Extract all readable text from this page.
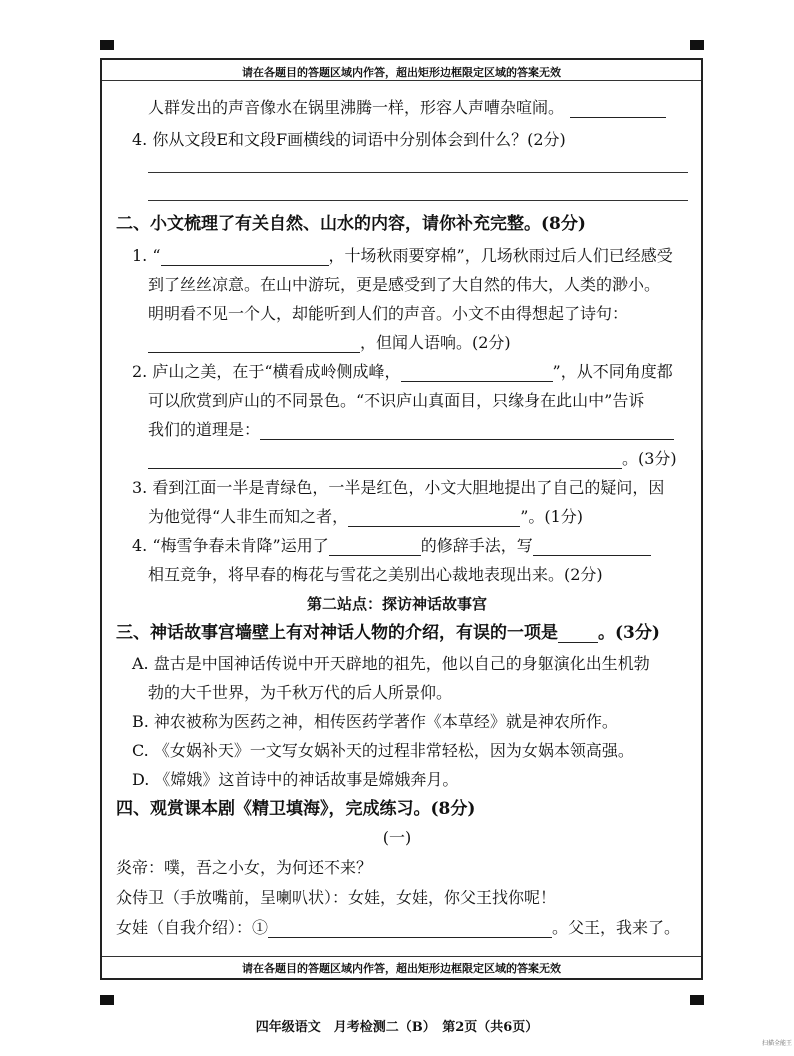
请在各题目的答题区域内作答，超出矩形边框限定区域的答案无效
请在各题目的答题区域内作答，超出矩形边框限定区域的答案无效
人群发出的声音像水在锅里沸腾一样，形容人声嘈杂喧闹。
4. 你从文段E和文段F画横线的词语中分别体会到什么？(2分)
二、小文梳理了有关自然、山水的内容，请你补充完整。(8分)
1. “	，十场秋雨要穿棉”，几场秋雨过后人们已经感受
到了丝丝凉意。在山中游玩，更是感受到了大自然的伟大，人类的渺小。
明明看不见一个人，却能听到人们的声音。小文不由得想起了诗句：
，但闻人语响。(2分)
2. 庐山之美，在于“横看成岭侧成峰，	”，从不同角度都
可以欣赏到庐山的不同景色。“不识庐山真面目，只缘身在此山中”告诉
我们的道理是：
。(3分)
3. 看到江面一半是青绿色，一半是红色，小文大胆地提出了自己的疑问，因
为他觉得“人非生而知之者，	”。(1分)
4. “梅雪争春未肯降”运用了	的修辞手法，写
相互竞争，将早春的梅花与雪花之美别出心裁地表现出来。(2分)
第二站点：探访神话故事宫
三、神话故事宫墙壁上有对神话人物的介绍，有误的一项是 。(3分)
A. 盘古是中国神话传说中开天辟地的祖先，他以自己的身躯演化出生机勃
勃的大千世界，为千秋万代的后人所景仰。
B. 神农被称为医药之神，相传医药学著作《本草经》就是神农所作。
C. 《女娲补天》一文写女娲补天的过程非常轻松，因为女娲本领高强。
D. 《嫦娥》这首诗中的神话故事是嫦娥奔月。
四、观赏课本剧《精卫填海》，完成练习。(8分)
(一)
炎帝：噗，吾之小女，为何还不来？
众侍卫（手放嘴前，呈喇叭状）：女娃，女娃，你父王找你呢！
女娃（自我介绍）：①	。父王，我来了。
四年级语文　月考检测二（B）　第2页（共6页）
扫描全能王
